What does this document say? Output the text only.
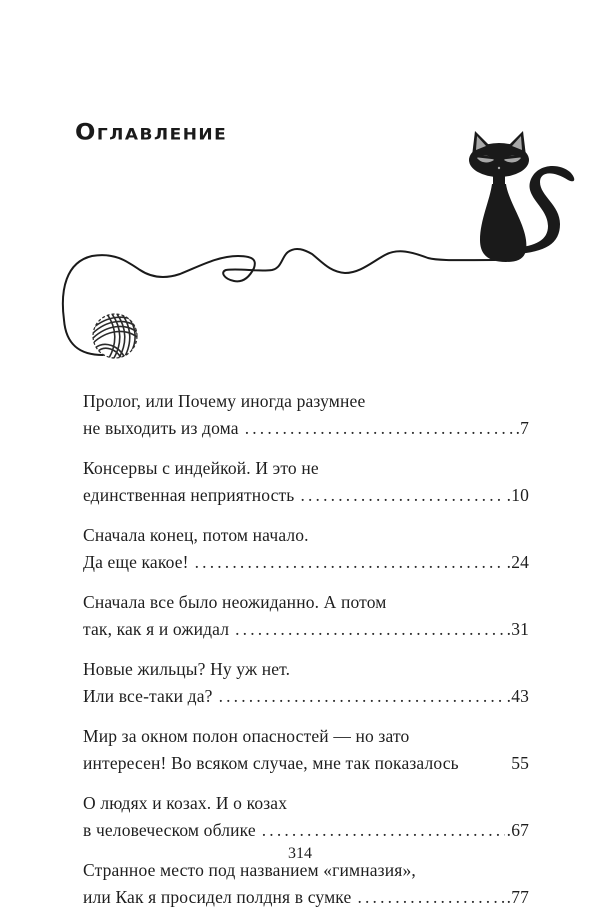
Оглавление
Пролог, или Почему иногда разумнее
не выходить из дома . . .	.7
Консервы с индейкой. И это не
единственная неприятность . . .	.10
Сначала конец, потом начало.
Да еще какое! . . .	.24
Сначала все было неожиданно. А потом
так, как я и ожидал . . .	.31
Новые жильцы? Ну уж нет.
Или все-таки да? . . .	.43
Мир за окном полон опасностей — но зато
интересен! Во всяком случае, мне так показалось	55
О людях и козах. И о козах
в человеческом облике . . .	.67
Странное место под названием «гимназия»,
или Как я просидел полдня в сумке . . .	.77
314
